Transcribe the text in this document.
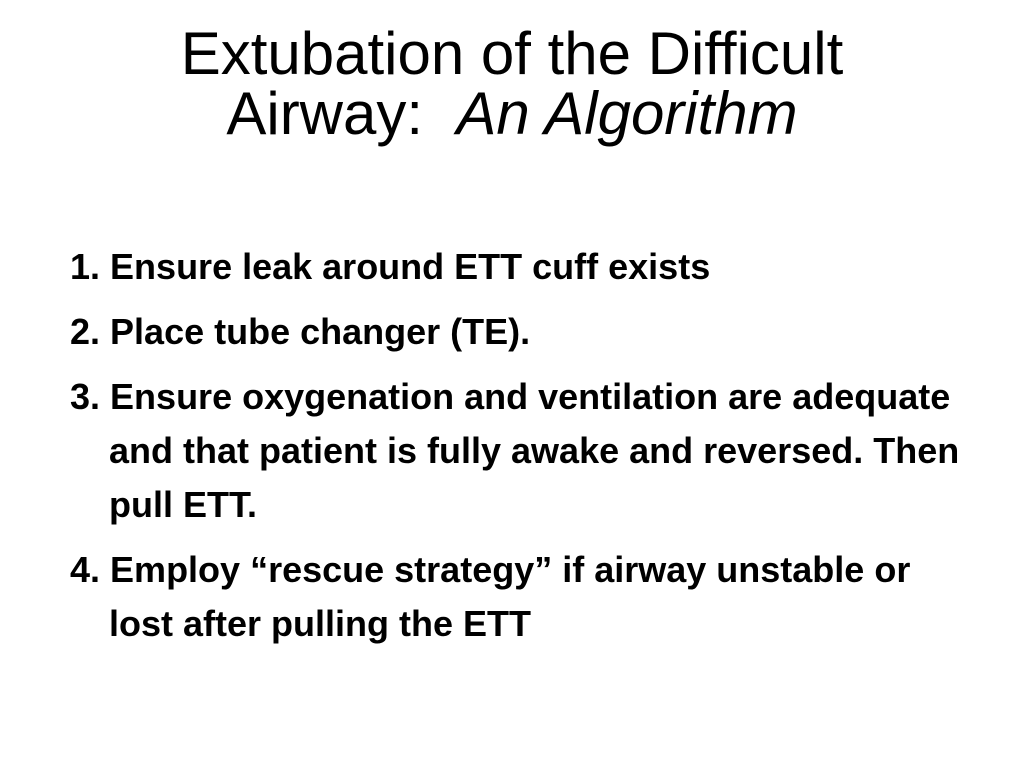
Extubation of the Difficult
Airway:  An Algorithm
1. Ensure leak around ETT cuff exists
2. Place tube changer (TE).
3. Ensure oxygenation and ventilation are adequate and that patient is fully awake and reversed. Then pull ETT.
4. Employ “rescue strategy” if airway unstable or lost after pulling the ETT
